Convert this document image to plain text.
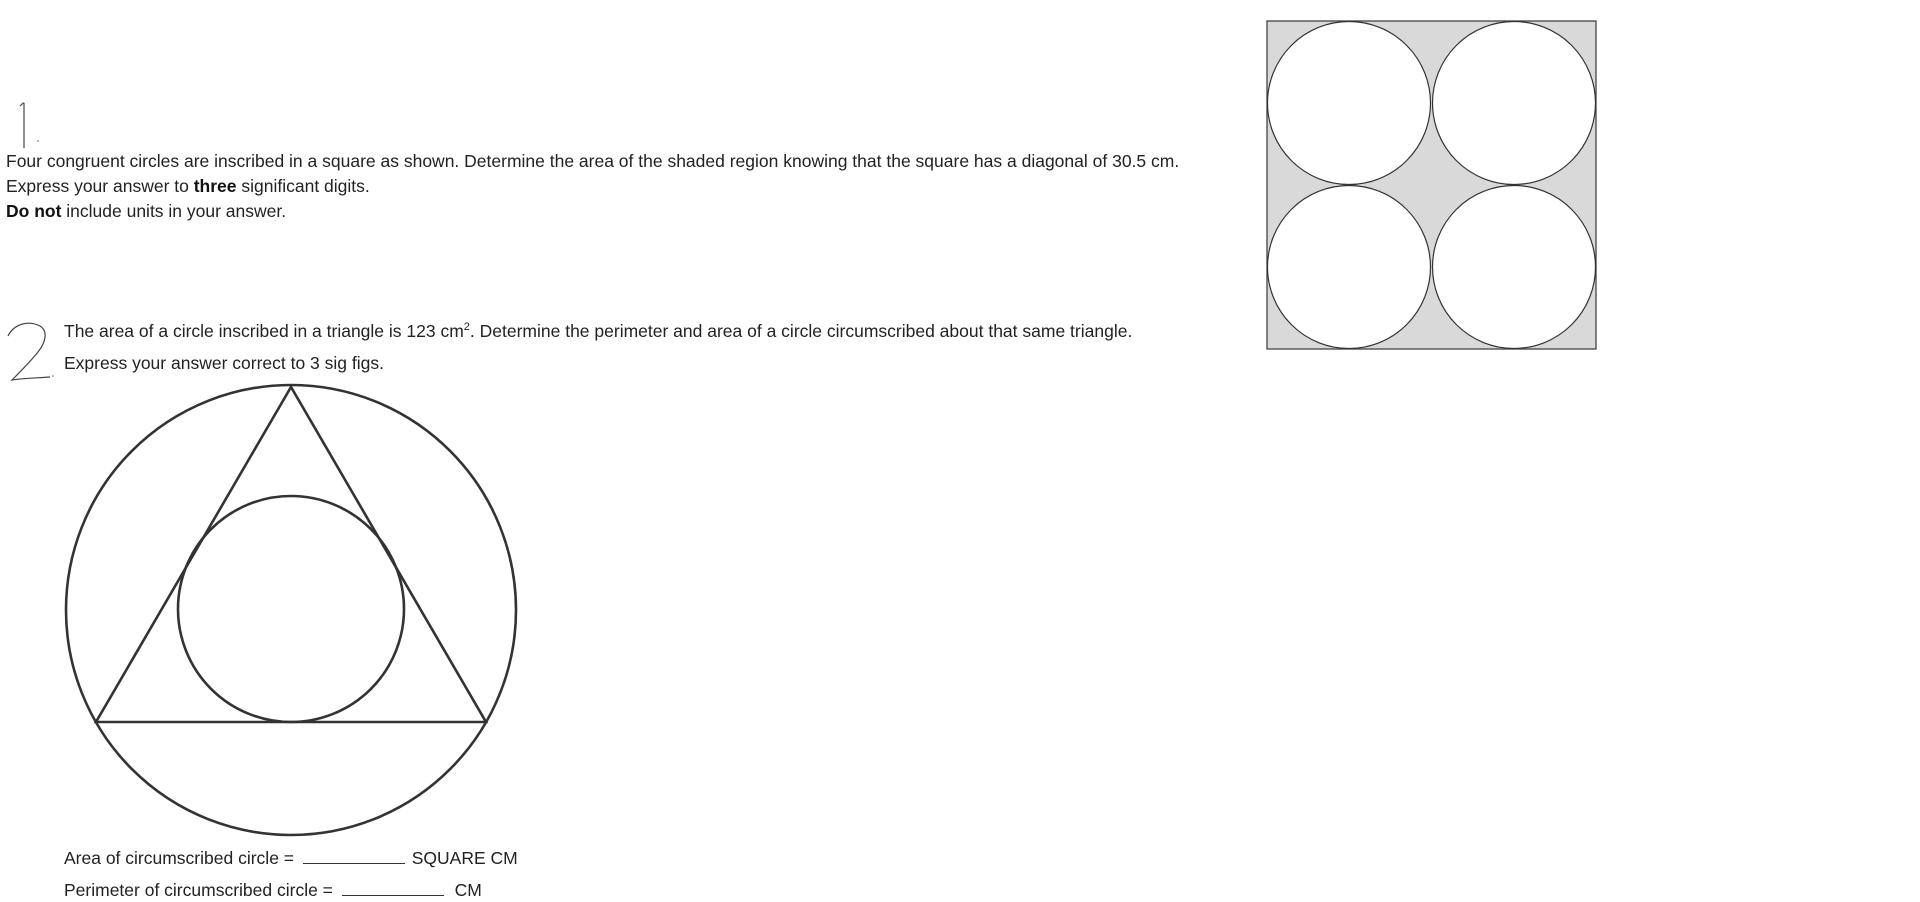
Four congruent circles are inscribed in a square as shown. Determine the area of the shaded region knowing that the square has a diagonal of 30.5 cm.
Express your answer to three significant digits.
Do not include units in your answer.
The area of a circle inscribed in a triangle is 123 $cm^2$. Determine the perimeter and area of a circle circumscribed about that same triangle.
Express your answer correct to 3 sig figs.
Area of circumscribed circle =	SQUARE CM
Perimeter of circumscribed circle =	CM
